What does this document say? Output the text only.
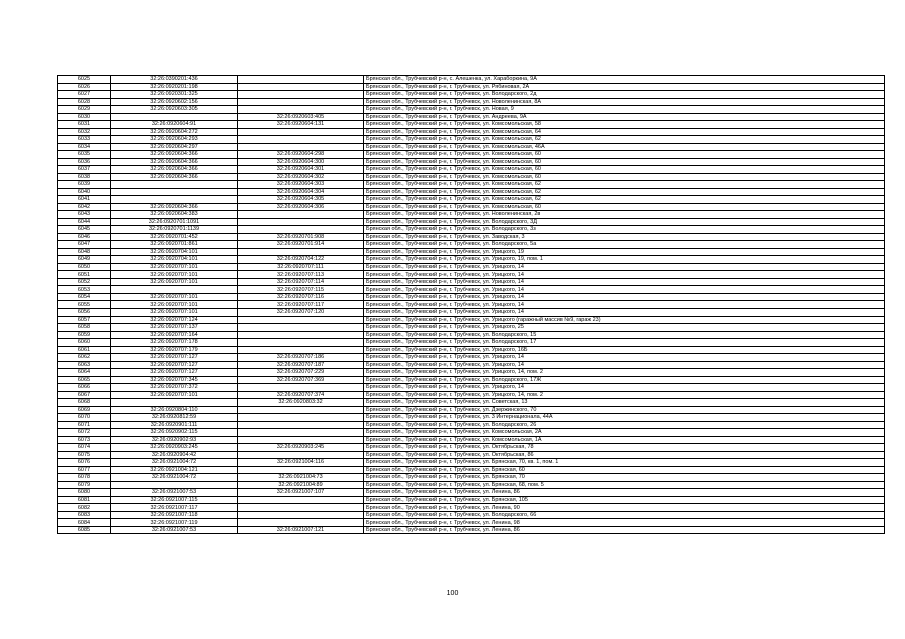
6025	32:26:0390201:436		Брянская обл., Трубчевский р-н, с. Алешенка, ул. Хараборкина, 9А
6026	32:26:0920201:198		Брянская обл., Трубчевский р-н, г. Трубчевск, ул. Рябиновая, 2А
6027	32:26:0920301:325		Брянская обл., Трубчевский р-н, г. Трубчевск, ул. Володарского, 2д
6028	32:26:0920602:156		Брянская обл., Трубчевский р-н, г. Трубчевск, ул. Новоленинская, 8А
6029	32:26:0920603:305		Брянская обл., Трубчевский р-н, г. Трубчевск, ул. Новая, 9
6030		32:26:0920603:405	Брянская обл., Трубчевский р-н, г. Трубчевск, ул. Андреева, 9А
6031	32:26:0920604:91	32:26:0920604:131	Брянская обл., Трубчевский р-н, г. Трубчевск, ул. Комсомольская, 58
6032	32:26:0920604:272		Брянская обл., Трубчевский р-н, г. Трубчевск, ул. Комсомольская, 64
6033	32:26:0920604:293		Брянская обл., Трубчевский р-н, г. Трубчевск, ул. Комсомольская, 62
6034	32:26:0920604:297		Брянская обл., Трубчевский р-н, г. Трубчевск, ул. Комсомольская, 46А
6035	32:26:0920604:366	32:26:0920604:298	Брянская обл., Трубчевский р-н, г. Трубчевск, ул. Комсомольская, 60
6036	32:26:0920604:366	32:26:0920604:300	Брянская обл., Трубчевский р-н, г. Трубчевск, ул. Комсомольская, 60
6037	32:26:0920604:366	32:26:0920604:301	Брянская обл., Трубчевский р-н, г. Трубчевск, ул. Комсомольская, 60
6038	32:26:0920604:366	32:26:0920604:302	Брянская обл., Трубчевский р-н, г. Трубчевск, ул. Комсомольская, 60
6039		32:26:0920604:303	Брянская обл., Трубчевский р-н, г. Трубчевск, ул. Комсомольская, 62
6040		32:26:0920604:304	Брянская обл., Трубчевский р-н, г. Трубчевск, ул. Комсомольская, 62
6041		32:26:0920604:305	Брянская обл., Трубчевский р-н, г. Трубчевск, ул. Комсомольская, 62
6042	32:26:0920604:366	32:26:0920604:306	Брянская обл., Трубчевский р-н, г. Трубчевск, ул. Комсомольская, 60
6043	32:26:0920604:383		Брянская обл., Трубчевский р-н, г. Трубчевск, ул. Новоленинская, 2в
6044	32:26:0920701:1091		Брянская обл., Трубчевский р-н, г. Трубчевск, ул. Володарского, 3Д
6045	32:26:0920701:1139		Брянская обл., Трубчевский р-н, г. Трубчевск, ул. Володарского, 3з
6046	32:26:0920701:452	32:26:0920701:908	Брянская обл., Трубчевский р-н, г. Трубчевск, ул. Заводская, 3
6047	32:26:0920701:861	32:26:0920701:914	Брянская обл., Трубчевский р-н, г. Трубчевск, ул. Володарского, 5а
6048	32:26:0920704:101		Брянская обл., Трубчевский р-н, г. Трубчевск, ул. Урицкого, 19
6049	32:26:0920704:101	32:26:0920704:122	Брянская обл., Трубчевский р-н, г. Трубчевск, ул. Урицкого, 19, пом. 1
6050	32:26:0920707:101	32:26:0920707:111	Брянская обл., Трубчевский р-н, г. Трубчевск, ул. Урицкого, 14
6051	32:26:0920707:101	32:26:0920707:113	Брянская обл., Трубчевский р-н, г. Трубчевск, ул. Урицкого, 14
6052	32:26:0920707:101	32:26:0920707:114	Брянская обл., Трубчевский р-н, г. Трубчевск, ул. Урицкого, 14
6053		32:26:0920707:115	Брянская обл., Трубчевский р-н, г. Трубчевск, ул. Урицкого, 14
6054	32:26:0920707:101	32:26:0920707:116	Брянская обл., Трубчевский р-н, г. Трубчевск, ул. Урицкого, 14
6055	32:26:0920707:101	32:26:0920707:117	Брянская обл., Трубчевский р-н, г. Трубчевск, ул. Урицкого, 14
6056	32:26:0920707:101	32:26:0920707:120	Брянская обл., Трубчевский р-н, г. Трубчевск, ул. Урицкого, 14
6057	32:26:0920707:124		Брянская обл., Трубчевский р-н, г. Трубчевск, ул. Урицкого (гаражный массив №9, гараж 23)
6058	32:26:0920707:137		Брянская обл., Трубчевский р-н, г. Трубчевск, ул. Урицкого, 25
6059	32:26:0920707:164		Брянская обл., Трубчевский р-н, г. Трубчевск, ул. Володарского, 15
6060	32:26:0920707:178		Брянская обл., Трубчевский р-н, г. Трубчевск, ул. Володарского, 17
6061	32:26:0920707:179		Брянская обл., Трубчевский р-н, г. Трубчевск, ул. Урицкого, 16Б
6062	32:26:0920707:127	32:26:0920707:186	Брянская обл., Трубчевский р-н, г. Трубчевск, ул. Урицкого, 14
6063	32:26:0920707:127	32:26:0920707:187	Брянская обл., Трубчевский р-н, г. Трубчевск, ул. Урицкого, 14
6064	32:26:0920707:127	32:26:0920707:229	Брянская обл., Трубчевский р-н, г. Трубчевск, ул. Урицкого, 14, пом. 2
6065	32:26:0920707:345	32:26:0920707:369	Брянская обл., Трубчевский р-н, г. Трубчевск, ул. Володарского, 17Ж
6066	32:26:0920707:372		Брянская обл., Трубчевский р-н, г. Трубчевск, ул. Урицкого, 14
6067	32:26:0920707:101	32:26:0920707:374	Брянская обл., Трубчевский р-н, г. Трубчевск, ул. Урицкого, 14, пом. 2
6068		32:26:0920803:32	Брянская обл., Трубчевский р-н, г. Трубчевск, ул. Советская, 13
6069	32:26:0920804:110		Брянская обл., Трубчевский р-н, г. Трубчевск, ул. Дзержинского, 70
6070	32:26:0920812:59		Брянская обл., Трубчевский р-н, г. Трубчевск, ул. 3 Интернационала, 44А
6071	32:26:0920901:111		Брянская обл., Трубчевский р-н, г. Трубчевск, ул. Володарского, 26
6072	32:26:0920902:115		Брянская обл., Трубчевский р-н, г. Трубчевск, ул. Комсомольская, 2А
6073	32:26:0920902:93		Брянская обл., Трубчевский р-н, г. Трубчевск, ул. Комсомольская, 1А
6074	32:26:0920903:245	32:26:0920903:245	Брянская обл., Трубчевский р-н, г. Трубчевск, ул. Октябрьская, 78
6075	32:26:0920904:42		Брянская обл., Трубчевский р-н, г. Трубчевск, ул. Октябрьская, 86
6076	32:26:0921004:72	32:26:0921004:116	Брянская обл., Трубчевский р-н, г. Трубчевск, ул. Брянская, 70, кв. 1, пом. 1
6077	32:26:0921004:121		Брянская обл., Трубчевский р-н, г. Трубчевск, ул. Брянская, 60
6078	32:26:0921004:72	32:26:0921004:73	Брянская обл., Трубчевский р-н, г. Трубчевск, ул. Брянская, 70
6079		32:26:0921004:89	Брянская обл., Трубчевский р-н, г. Трубчевск, ул. Брянская, 68, пом. 5
6080	32:26:0921007:53	32:26:0921007:107	Брянская обл., Трубчевский р-н, г. Трубчевск, ул. Ленина, 86
6081	32:26:0921007:115		Брянская обл., Трубчевский р-н, г. Трубчевск, ул. Брянская, 105
6082	32:26:0921007:117		Брянская обл., Трубчевский р-н, г. Трубчевск, ул. Ленина, 90
6083	32:26:0921007:118		Брянская обл., Трубчевский р-н, г. Трубчевск, ул. Володарского, 66
6084	32:26:0921007:119		Брянская обл., Трубчевский р-н, г. Трубчевск, ул. Ленина, 98
6085	32:26:0921007:53	32:26:0921007:121	Брянская обл., Трубчевский р-н, г. Трубчевск, ул. Ленина, 86
100
